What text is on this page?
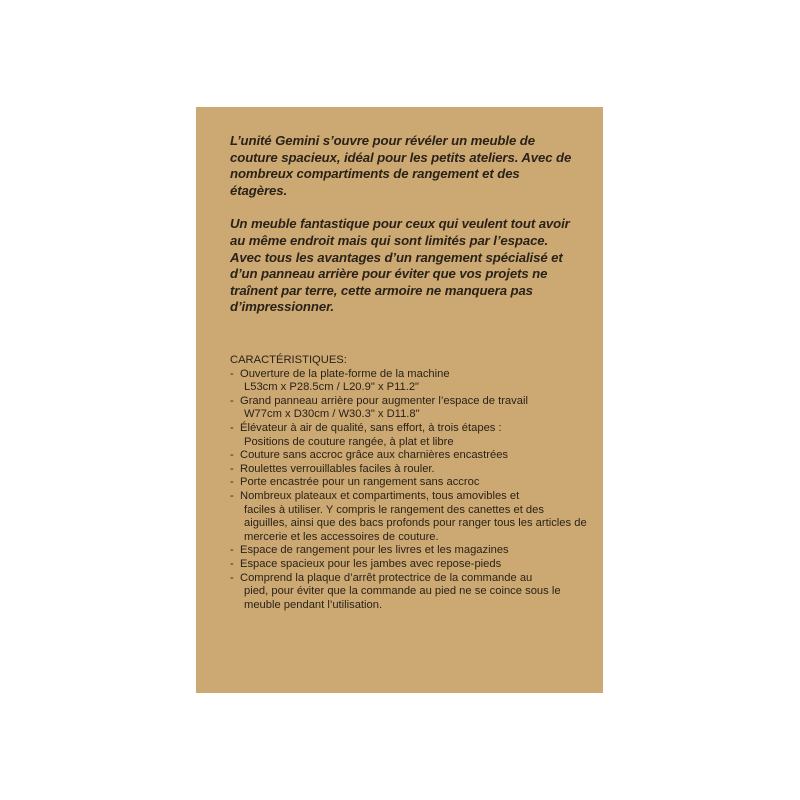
L’unité Gemini s’ouvre pour révéler un meuble de couture spacieux, idéal pour les petits ateliers. Avec de nombreux compartiments de rangement et des étagères.

Un meuble fantastique pour ceux qui veulent tout avoir au même endroit mais qui sont limités par l’espace. Avec tous les avantages d’un rangement spécialisé et d’un panneau arrière pour éviter que vos projets ne traînent par terre, cette armoire ne manquera pas d’impressionner.

CARACTÉRISTIQUES:

- Ouverture de la plate-forme de la machine
L53cm x P28.5cm / L20.9" x P11.2"
- Grand panneau arrière pour augmenter l’espace de travail
W77cm x D30cm / W30.3" x D11.8"
- Élévateur à air de qualité, sans effort, à trois étapes :
Positions de couture rangée, à plat et libre
- Couture sans accroc grâce aux charnières encastrées
- Roulettes verrouillables faciles à rouler.
- Porte encastrée pour un rangement sans accroc
- Nombreux plateaux et compartiments, tous amovibles et
faciles à utiliser. Y compris le rangement des canettes et des aiguilles, ainsi que des bacs profonds pour ranger tous les articles de mercerie et les accessoires de couture.
- Espace de rangement pour les livres et les magazines
- Espace spacieux pour les jambes avec repose-pieds
- Comprend la plaque d’arrêt protectrice de la commande au
pied, pour éviter que la commande au pied ne se coince sous le meuble pendant l’utilisation.
